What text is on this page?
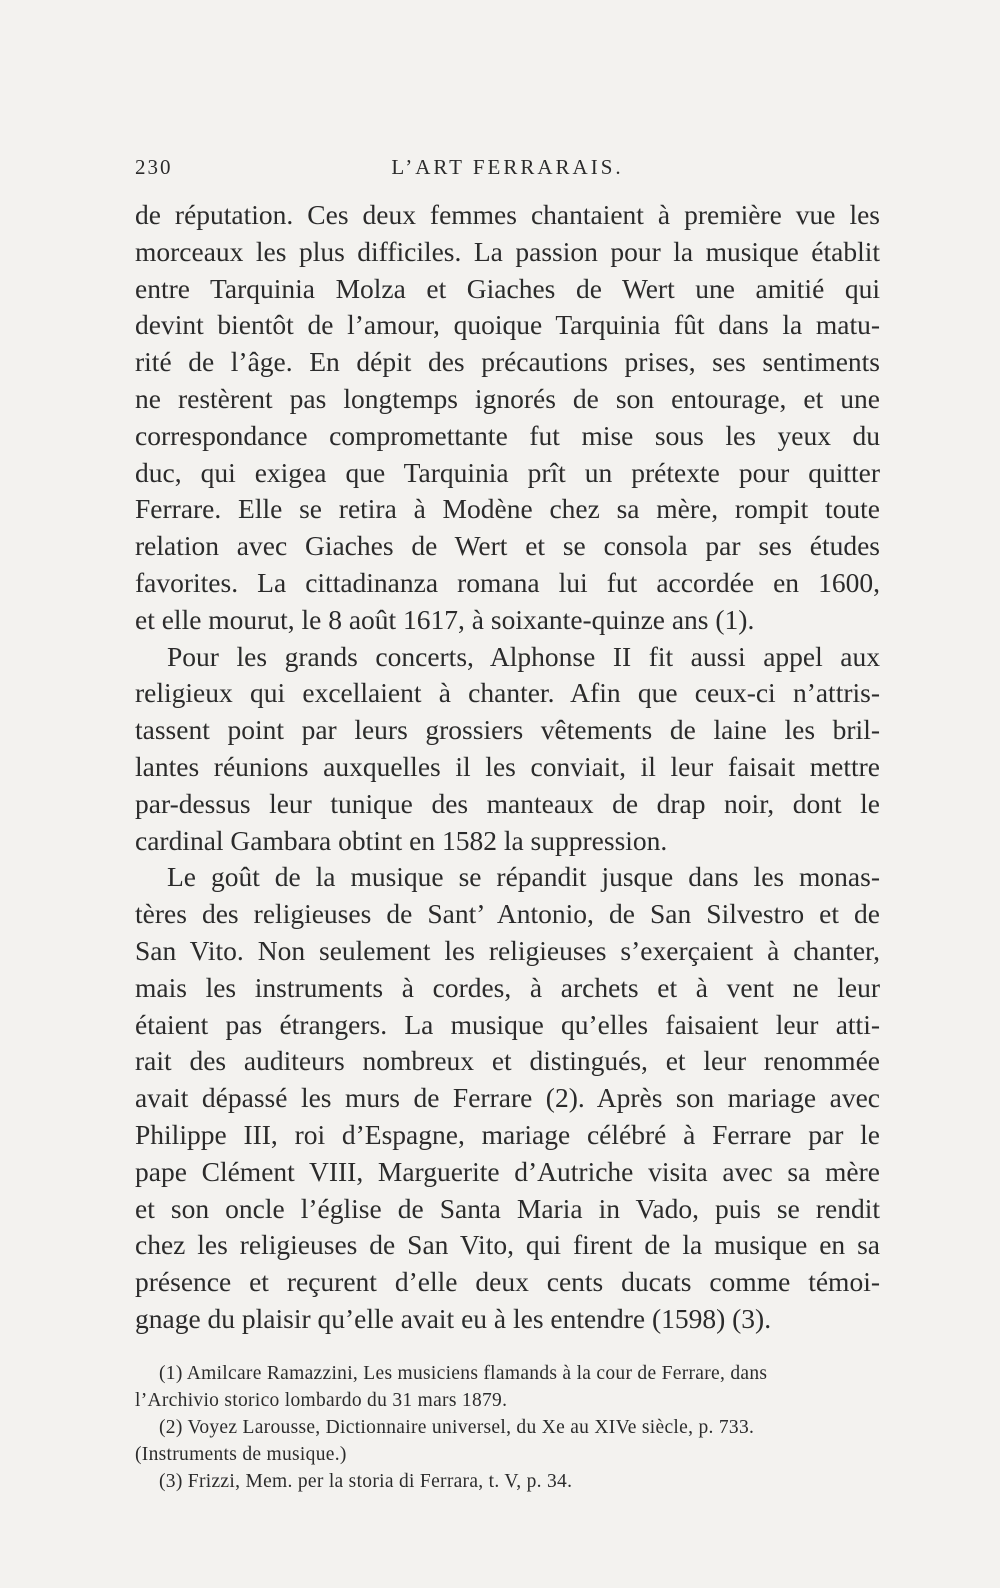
230	L’ART FERRARAIS.
de réputation. Ces deux femmes chantaient à première vue les
morceaux les plus difficiles. La passion pour la musique établit
entre Tarquinia Molza et Giaches de Wert une amitié qui
devint bientôt de l’amour, quoique Tarquinia fût dans la matu-
rité de l’âge. En dépit des précautions prises, ses sentiments
ne restèrent pas longtemps ignorés de son entourage, et une
correspondance compromettante fut mise sous les yeux du
duc, qui exigea que Tarquinia prît un prétexte pour quitter
Ferrare. Elle se retira à Modène chez sa mère, rompit toute
relation avec Giaches de Wert et se consola par ses études
favorites. La cittadinanza romana lui fut accordée en 1600,
et elle mourut, le 8 août 1617, à soixante-quinze ans (1).
Pour les grands concerts, Alphonse II fit aussi appel aux
religieux qui excellaient à chanter. Afin que ceux-ci n’attris-
tassent point par leurs grossiers vêtements de laine les bril-
lantes réunions auxquelles il les conviait, il leur faisait mettre
par-dessus leur tunique des manteaux de drap noir, dont le
cardinal Gambara obtint en 1582 la suppression.
Le goût de la musique se répandit jusque dans les monas-
tères des religieuses de Sant’ Antonio, de San Silvestro et de
San Vito. Non seulement les religieuses s’exerçaient à chanter,
mais les instruments à cordes, à archets et à vent ne leur
étaient pas étrangers. La musique qu’elles faisaient leur atti-
rait des auditeurs nombreux et distingués, et leur renommée
avait dépassé les murs de Ferrare (2). Après son mariage avec
Philippe III, roi d’Espagne, mariage célébré à Ferrare par le
pape Clément VIII, Marguerite d’Autriche visita avec sa mère
et son oncle l’église de Santa Maria in Vado, puis se rendit
chez les religieuses de San Vito, qui firent de la musique en sa
présence et reçurent d’elle deux cents ducats comme témoi-
gnage du plaisir qu’elle avait eu à les entendre (1598) (3).
(1) Amilcare Ramazzini, Les musiciens flamands à la cour de Ferrare, dans
l’Archivio storico lombardo du 31 mars 1879.
(2) Voyez Larousse, Dictionnaire universel, du Xe au XIVe siècle, p. 733.
(Instruments de musique.)
(3) Frizzi, Mem. per la storia di Ferrara, t. V, p. 34.
